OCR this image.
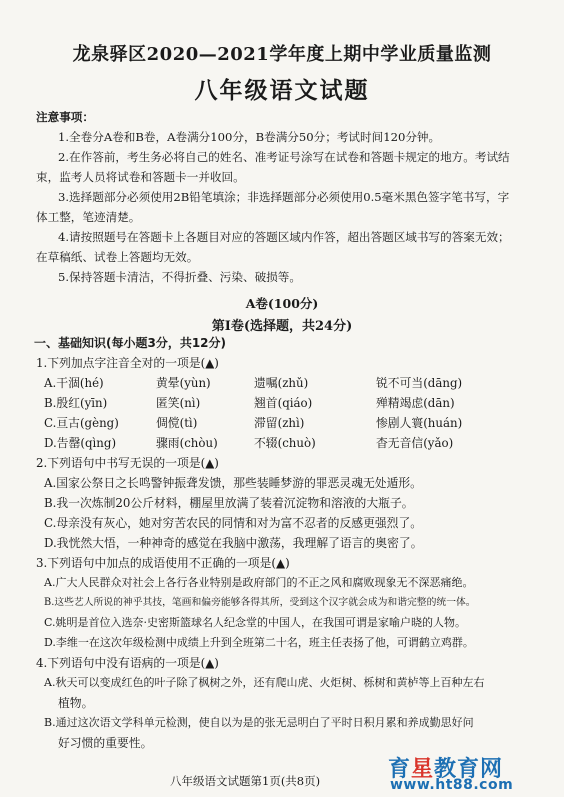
龙泉驿区2020—2021学年度上期中学业质量监测
八年级语文试题
注意事项：
1.全卷分A卷和B卷，A卷满分100分，B卷满分50分；考试时间120分钟。
2.在作答前，考生务必将自己的姓名、准考证号涂写在试卷和答题卡规定的地方。考试结
束，监考人员将试卷和答题卡一并收回。
3.选择题部分必须使用2B铅笔填涂；非选择题部分必须使用0.5毫米黑色签字笔书写，字
体工整，笔迹清楚。
4.请按照题号在答题卡上各题目对应的答题区域内作答，超出答题区域书写的答案无效；
在草稿纸、试卷上答题均无效。
5.保持答题卡清洁，不得折叠、污染、破损等。
A卷(100分)
第Ⅰ卷(选择题，共24分)
一、基础知识(每小题3分，共12分)
1.下列加点字注音全对的一项是(▲)
A.干涸(hé)	黄晕(yùn)	遗嘱(zhǔ)	锐不可当(dāng)
B.殷红(yīn)	匿笑(nì)	翘首(qiáo)	殚精竭虑(dān)
C.亘古(gèng)	倜傥(tì)	滞留(zhì)	惨剧人寰(huán)
D.告罄(qìng)	骤雨(chòu)	不辍(chuò)	杳无音信(yǎo)
2.下列语句中书写无误的一项是(▲)
A.国家公祭日之长鸣警钟振聋发馈，那些装睡梦游的罪恶灵魂无处遁形。
B.我一次炼制20公斤材料，棚屋里放满了装着沉淀物和溶液的大瓶子。
C.母亲没有灰心，她对穷苦农民的同情和对为富不忍者的反感更强烈了。
D.我恍然大悟，一种神奇的感觉在我脑中激荡，我理解了语言的奥密了。
3.下列语句中加点的成语使用不正确的一项是(▲)
A.广大人民群众对社会上各行各业特别是政府部门的不正之风和腐败现象无不深恶痛绝。
B.这些艺人所说的神乎其技，笔画和偏旁能够各得其所，受到这个汉字就会成为和谐完整的统一体。
C.姚明是首位入选奈·史密斯篮球名人纪念堂的中国人，在我国可谓是家喻户晓的人物。
D.李维一在这次年级检测中成绩上升到全班第二十名，班主任表扬了他，可谓鹤立鸡群。
4.下列语句中没有语病的一项是(▲)
A.秋天可以变成红色的叶子除了枫树之外，还有爬山虎、火炬树、栎树和黄栌等上百种左右
植物。
B.通过这次语文学科单元检测，使自以为是的张无忌明白了平时日积月累和养成勤思好问
好习惯的重要性。
八年级语文试题第1页(共8页)	育星教育网
www.ht88.com
